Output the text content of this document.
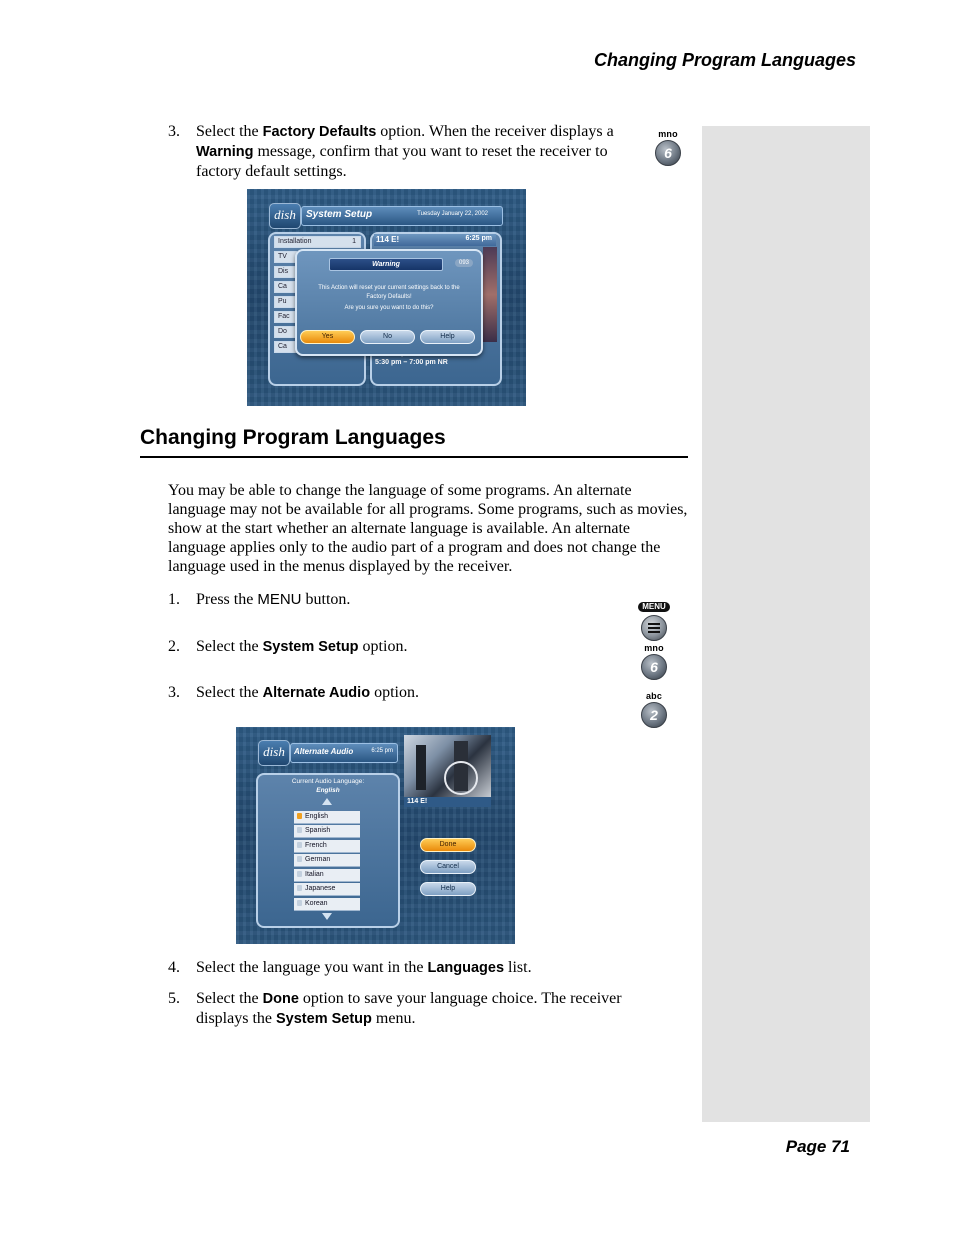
Changing Program Languages
Page 71
3.	Select the Factory Defaults option. When the receiver displays a Warning message, confirm that you want to reset the receiver to factory default settings.
mno
6
dish	System Setup	Tuesday January 22, 2002
Installation	1
TV
Dis
Ca
Pu
Fac
Do
Ca
114 E!	6:25 pm
5:30 pm – 7:00 pm NR
Warning	093
This Action will reset your current settings back to the
Factory Defaults!
Are you sure you want to do this?
Yes	No	Help
Changing Program Languages
You may be able to change the language of some programs. An alternate language may not be available for all programs. Some programs, such as movies, show at the start whether an alternate language is available. An alternate language applies only to the audio part of a program and does not change the language used in the menus displayed by the receiver.
1.	Press the MENU button.
2.	Select the System Setup option.
3.	Select the Alternate Audio option.
MENU
mno
6
abc
2
dish	Alternate Audio	6:25 pm
114 E!
Current Audio Language:
English
English
Spanish
French
German
Italian
Japanese
Korean
Done
Cancel
Help
4.	Select the language you want in the Languages list.
5.	Select the Done option to save your language choice. The receiver displays the System Setup menu.
